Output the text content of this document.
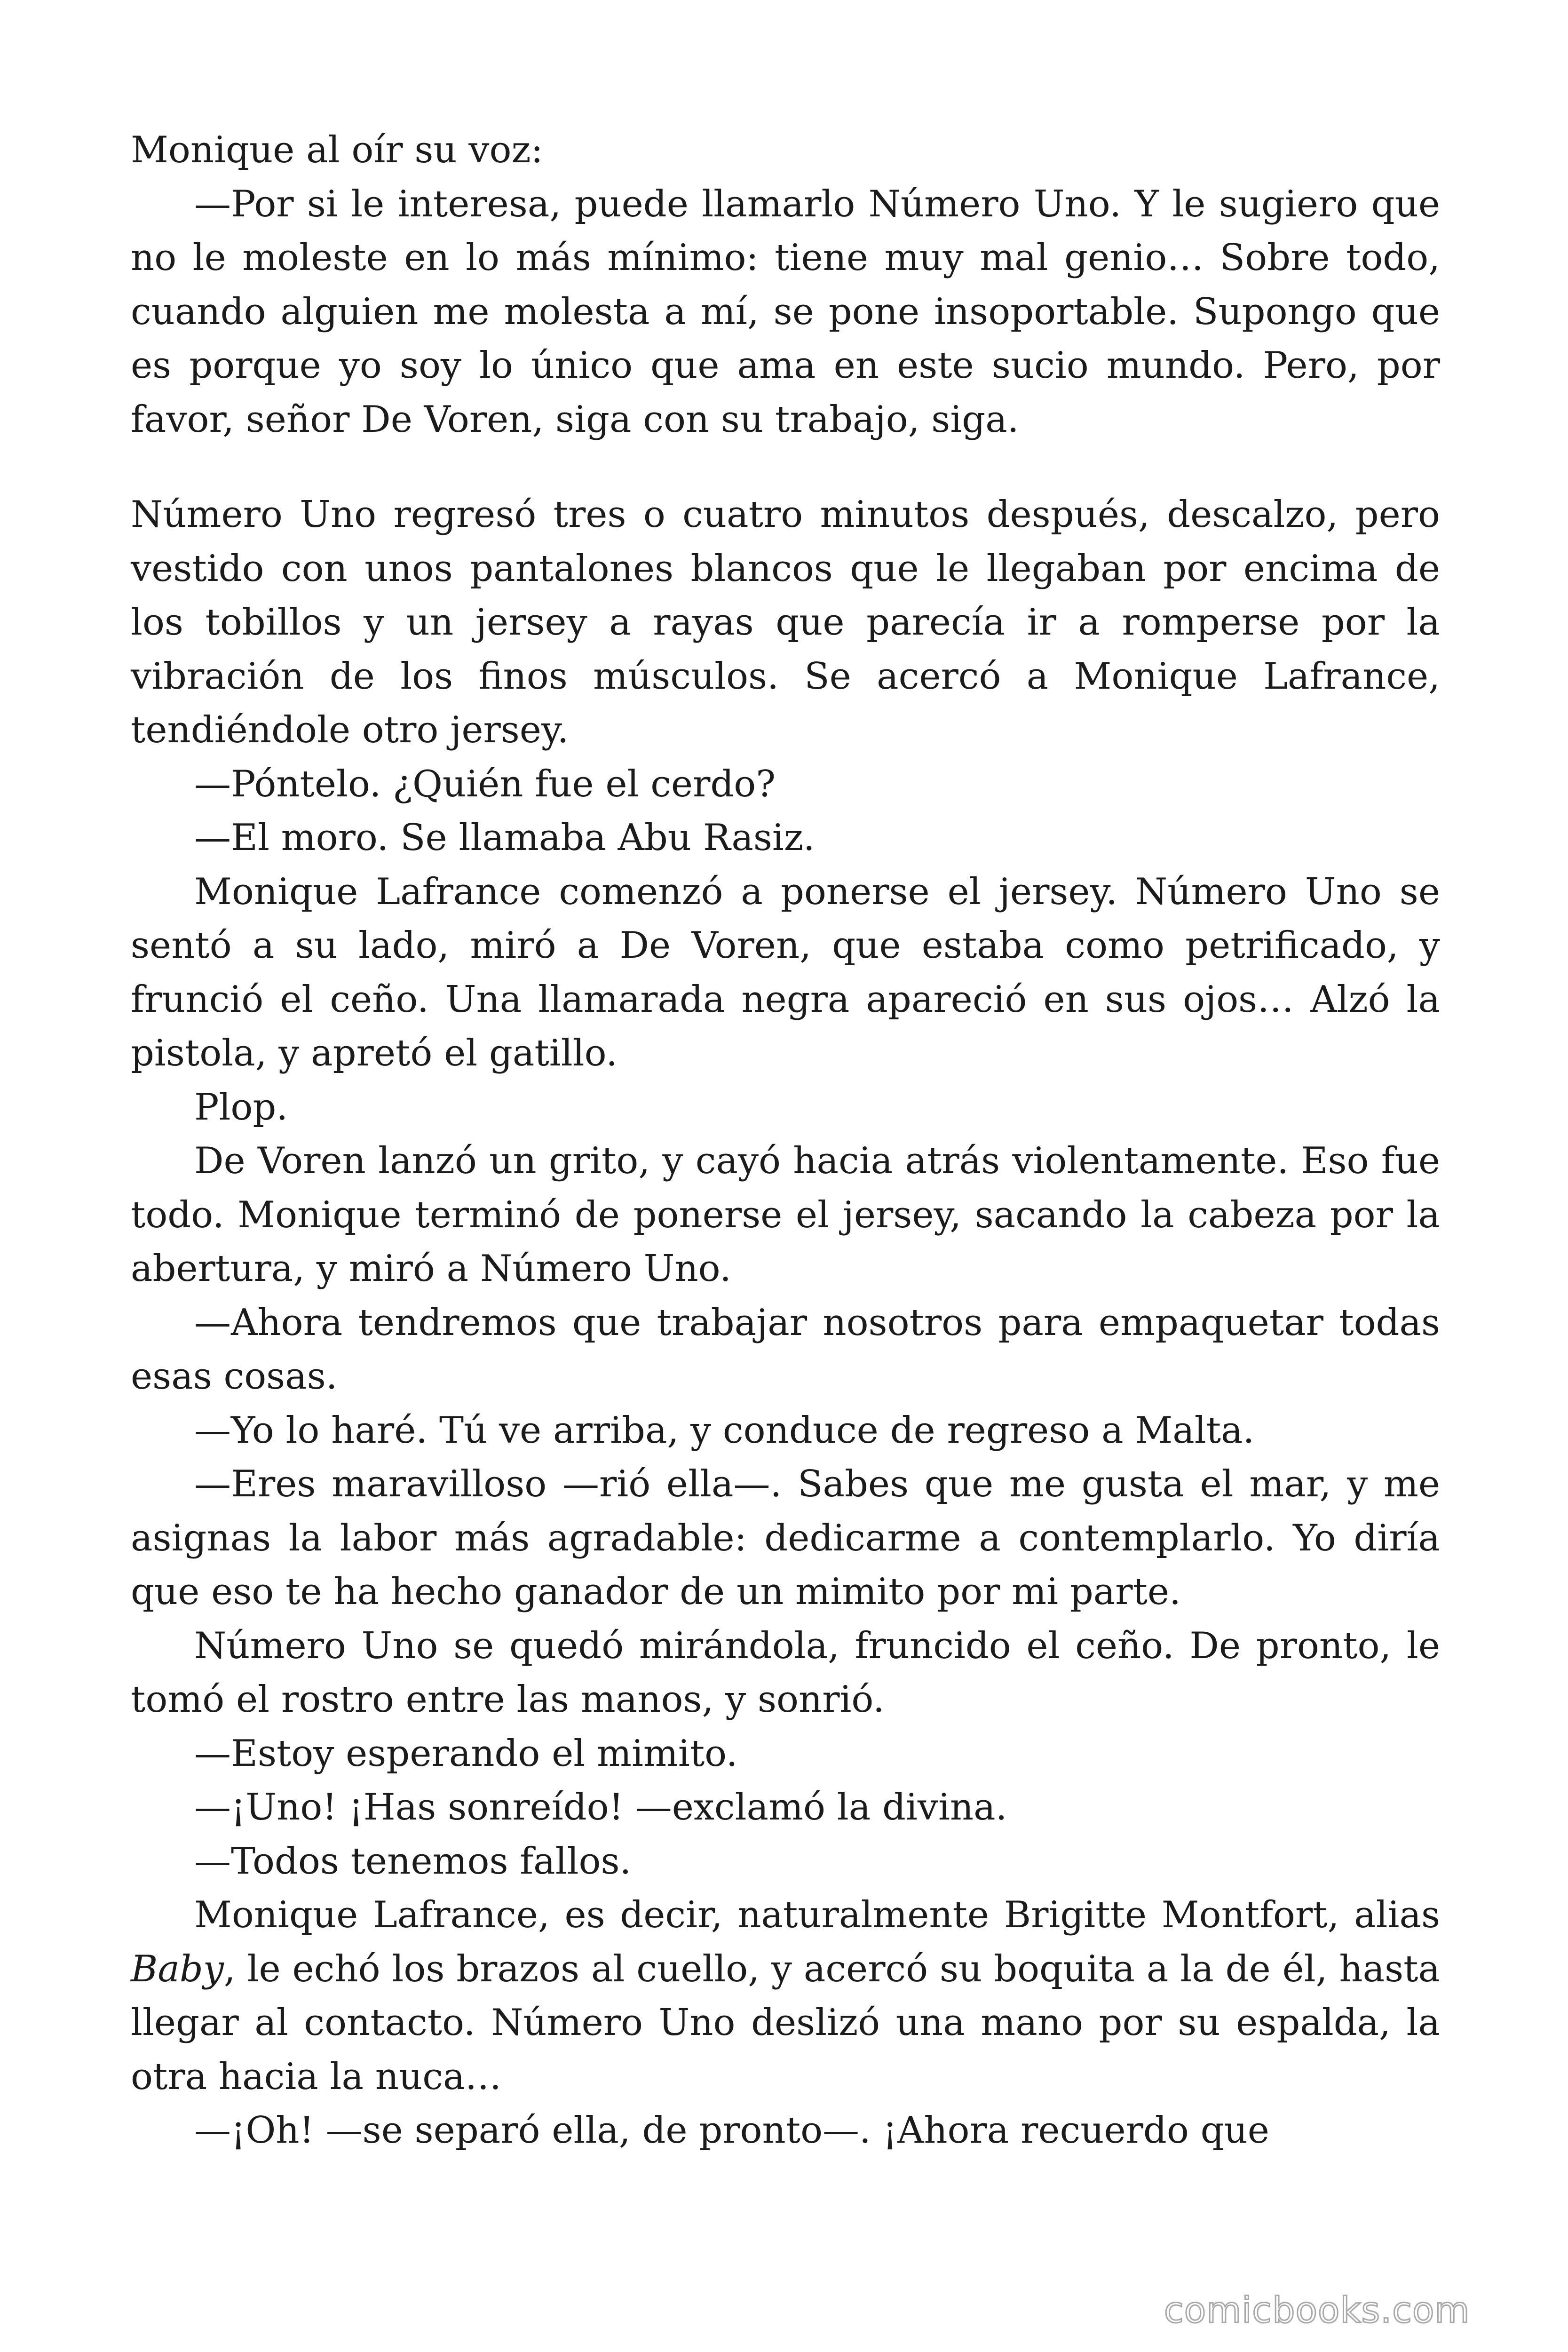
Monique al oír su voz:

—Por si le interesa, puede llamarlo Número Uno. Y le sugiero que no le moleste en lo más mínimo: tiene muy mal genio… Sobre todo, cuando alguien me molesta a mí, se pone insoportable. Supongo que es porque yo soy lo único que ama en este sucio mundo. Pero, por favor, señor De Voren, siga con su trabajo, siga.

Número Uno regresó tres o cuatro minutos después, descalzo, pero vestido con unos pantalones blancos que le llegaban por encima de los tobillos y un jersey a rayas que parecía ir a romperse por la vibración de los finos músculos. Se acercó a Monique Lafrance, tendiéndole otro jersey.

—Póntelo. ¿Quién fue el cerdo?

—El moro. Se llamaba Abu Rasiz.

Monique Lafrance comenzó a ponerse el jersey. Número Uno se sentó a su lado, miró a De Voren, que estaba como petrificado, y frunció el ceño. Una llamarada negra apareció en sus ojos… Alzó la pistola, y apretó el gatillo.

Plop.

De Voren lanzó un grito, y cayó hacia atrás violentamente. Eso fue todo. Monique terminó de ponerse el jersey, sacando la cabeza por la abertura, y miró a Número Uno.

—Ahora tendremos que trabajar nosotros para empaquetar todas esas cosas.

—Yo lo haré. Tú ve arriba, y conduce de regreso a Malta.

—Eres maravilloso —rió ella—. Sabes que me gusta el mar, y me asignas la labor más agradable: dedicarme a contemplarlo. Yo diría que eso te ha hecho ganador de un mimito por mi parte.

Número Uno se quedó mirándola, fruncido el ceño. De pronto, le tomó el rostro entre las manos, y sonrió.

—Estoy esperando el mimito.

—¡Uno! ¡Has sonreído! —exclamó la divina.

—Todos tenemos fallos.

Monique Lafrance, es decir, naturalmente Brigitte Montfort, alias Baby, le echó los brazos al cuello, y acercó su boquita a la de él, hasta llegar al contacto. Número Uno deslizó una mano por su espalda, la otra hacia la nuca…

—¡Oh! —se separó ella, de pronto—. ¡Ahora recuerdo que

comicbooks.com
